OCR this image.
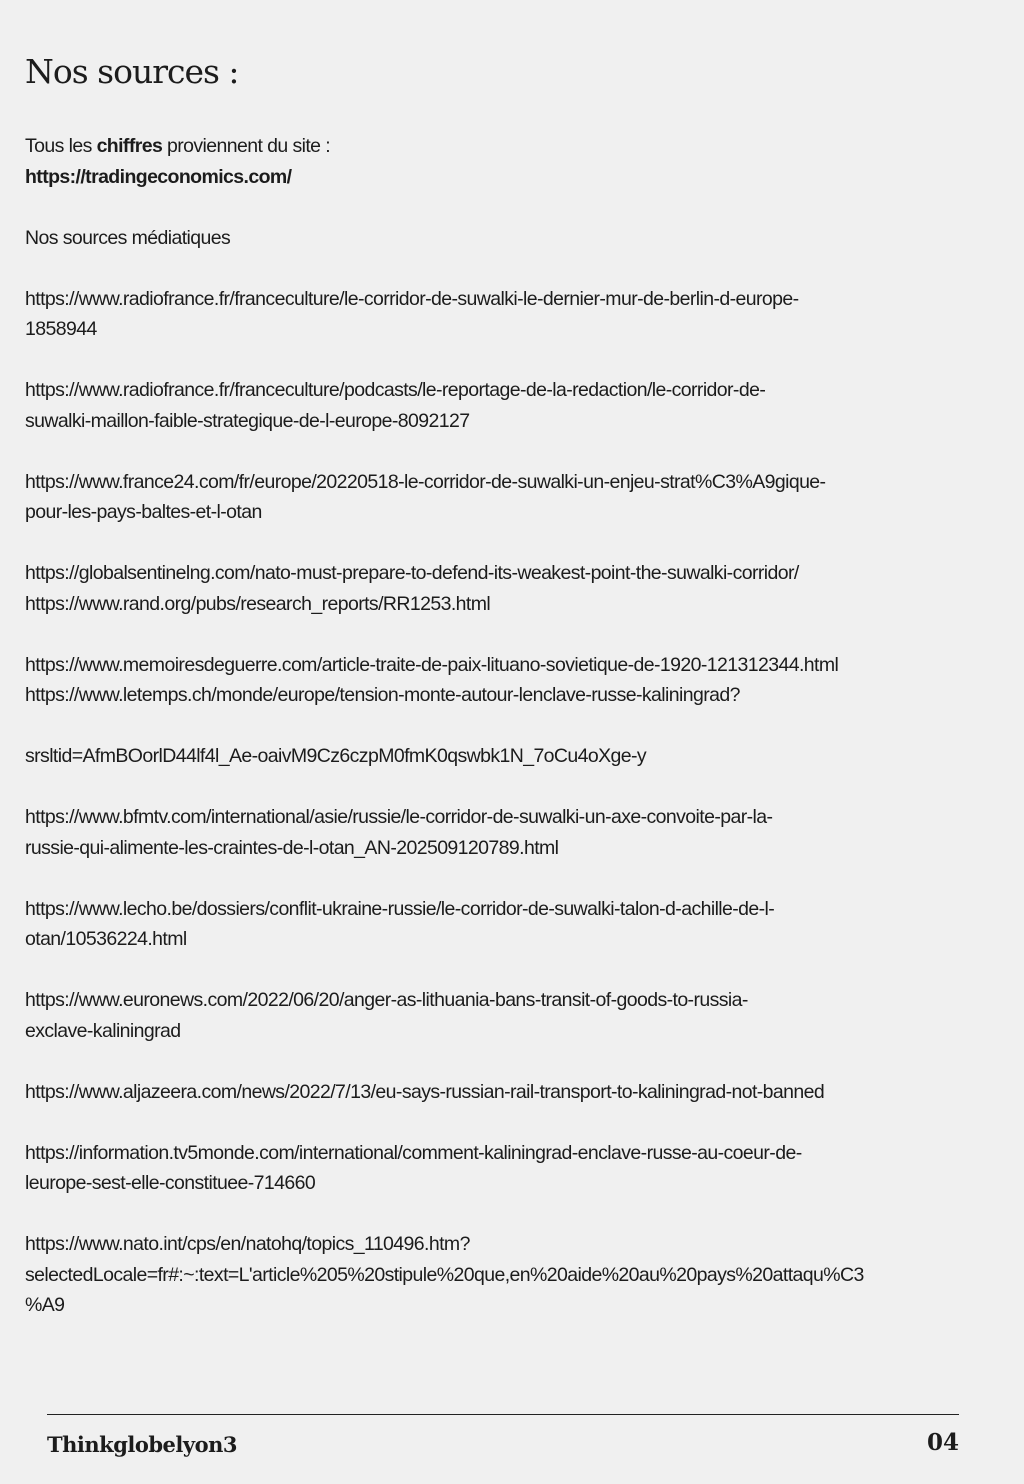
Nos sources :

Tous les chiffres proviennent du site :

https://tradingeconomics.com/

Nos sources médiatiques

https://www.radiofrance.fr/franceculture/le-corridor-de-suwalki-le-dernier-mur-de-berlin-d-europe-
1858944

https://www.radiofrance.fr/franceculture/podcasts/le-reportage-de-la-redaction/le-corridor-de-
suwalki-maillon-faible-strategique-de-l-europe-8092127

https://www.france24.com/fr/europe/20220518-le-corridor-de-suwalki-un-enjeu-strat%C3%A9gique-
pour-les-pays-baltes-et-l-otan

https://globalsentinelng.com/nato-must-prepare-to-defend-its-weakest-point-the-suwalki-corridor/
https://www.rand.org/pubs/research_reports/RR1253.html

https://www.memoiresdeguerre.com/article-traite-de-paix-lituano-sovietique-de-1920-121312344.html
https://www.letemps.ch/monde/europe/tension-monte-autour-lenclave-russe-kaliningrad?

srsltid=AfmBOorlD44lf4l_Ae-oaivM9Cz6czpM0fmK0qswbk1N_7oCu4oXge-y

https://www.bfmtv.com/international/asie/russie/le-corridor-de-suwalki-un-axe-convoite-par-la-
russie-qui-alimente-les-craintes-de-l-otan_AN-202509120789.html

https://www.lecho.be/dossiers/conflit-ukraine-russie/le-corridor-de-suwalki-talon-d-achille-de-l-
otan/10536224.html

https://www.euronews.com/2022/06/20/anger-as-lithuania-bans-transit-of-goods-to-russia-
exclave-kaliningrad

https://www.aljazeera.com/news/2022/7/13/eu-says-russian-rail-transport-to-kaliningrad-not-banned

https://information.tv5monde.com/international/comment-kaliningrad-enclave-russe-au-coeur-de-
leurope-sest-elle-constituee-714660

https://www.nato.int/cps/en/natohq/topics_110496.htm?
selectedLocale=fr#:~:text=L'article%205%20stipule%20que,en%20aide%20au%20pays%20attaqu%C3
%A9

Thinkglobelyon3	04
